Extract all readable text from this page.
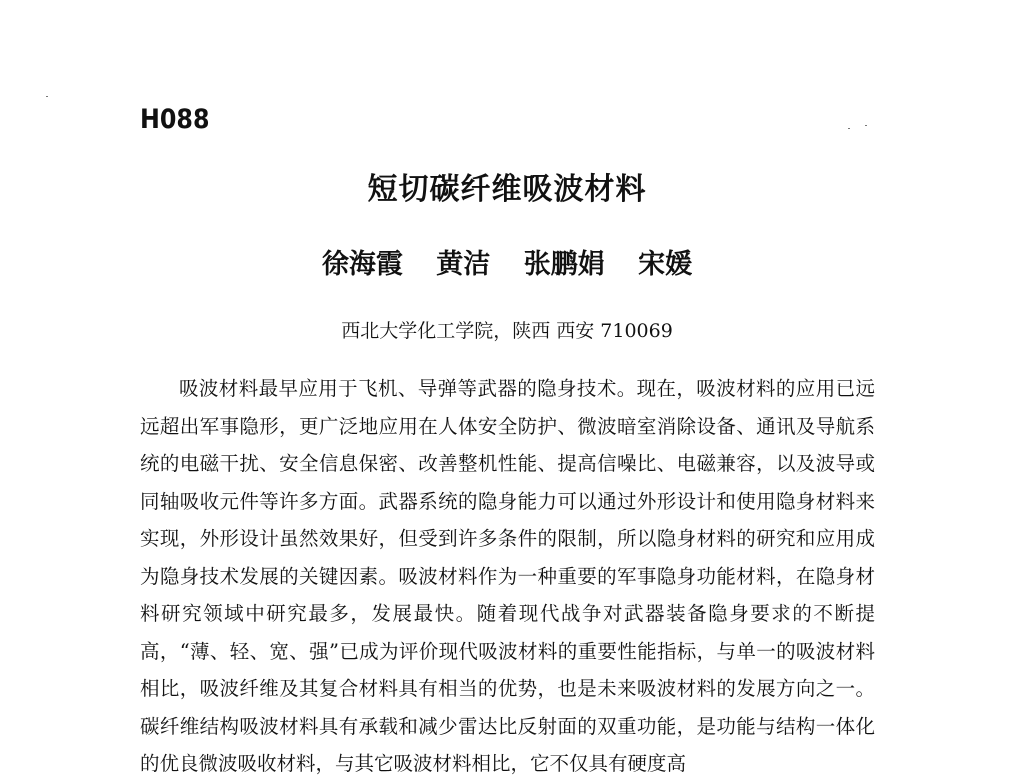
H088
短切碳纤维吸波材料
徐海霞 黄洁 张鹏娟 宋媛
西北大学化工学院，陕西 西安 710069

吸波材料最早应用于飞机、导弹等武器的隐身技术。现在，吸波材料的应用已远远超出军事隐形，更广泛地应用在人体安全防护、微波暗室消除设备、通讯及导航系统的电磁干扰、安全信息保密、改善整机性能、提高信噪比、电磁兼容，以及波导或同轴吸收元件等许多方面。武器系统的隐身能力可以通过外形设计和使用隐身材料来实现，外形设计虽然效果好，但受到许多条件的限制，所以隐身材料的研究和应用成为隐身技术发展的关键因素。吸波材料作为一种重要的军事隐身功能材料，在隐身材料研究领域中研究最多，发展最快。随着现代战争对武器装备隐身要求的不断提高，“薄、轻、宽、强”已成为评价现代吸波材料的重要性能指标，与单一的吸波材料相比，吸波纤维及其复合材料具有相当的优势，也是未来吸波材料的发展方向之一。碳纤维结构吸波材料具有承载和减少雷达比反射面的双重功能，是功能与结构一体化的优良微波吸收材料，与其它吸波材料相比，它不仅具有硬度高
